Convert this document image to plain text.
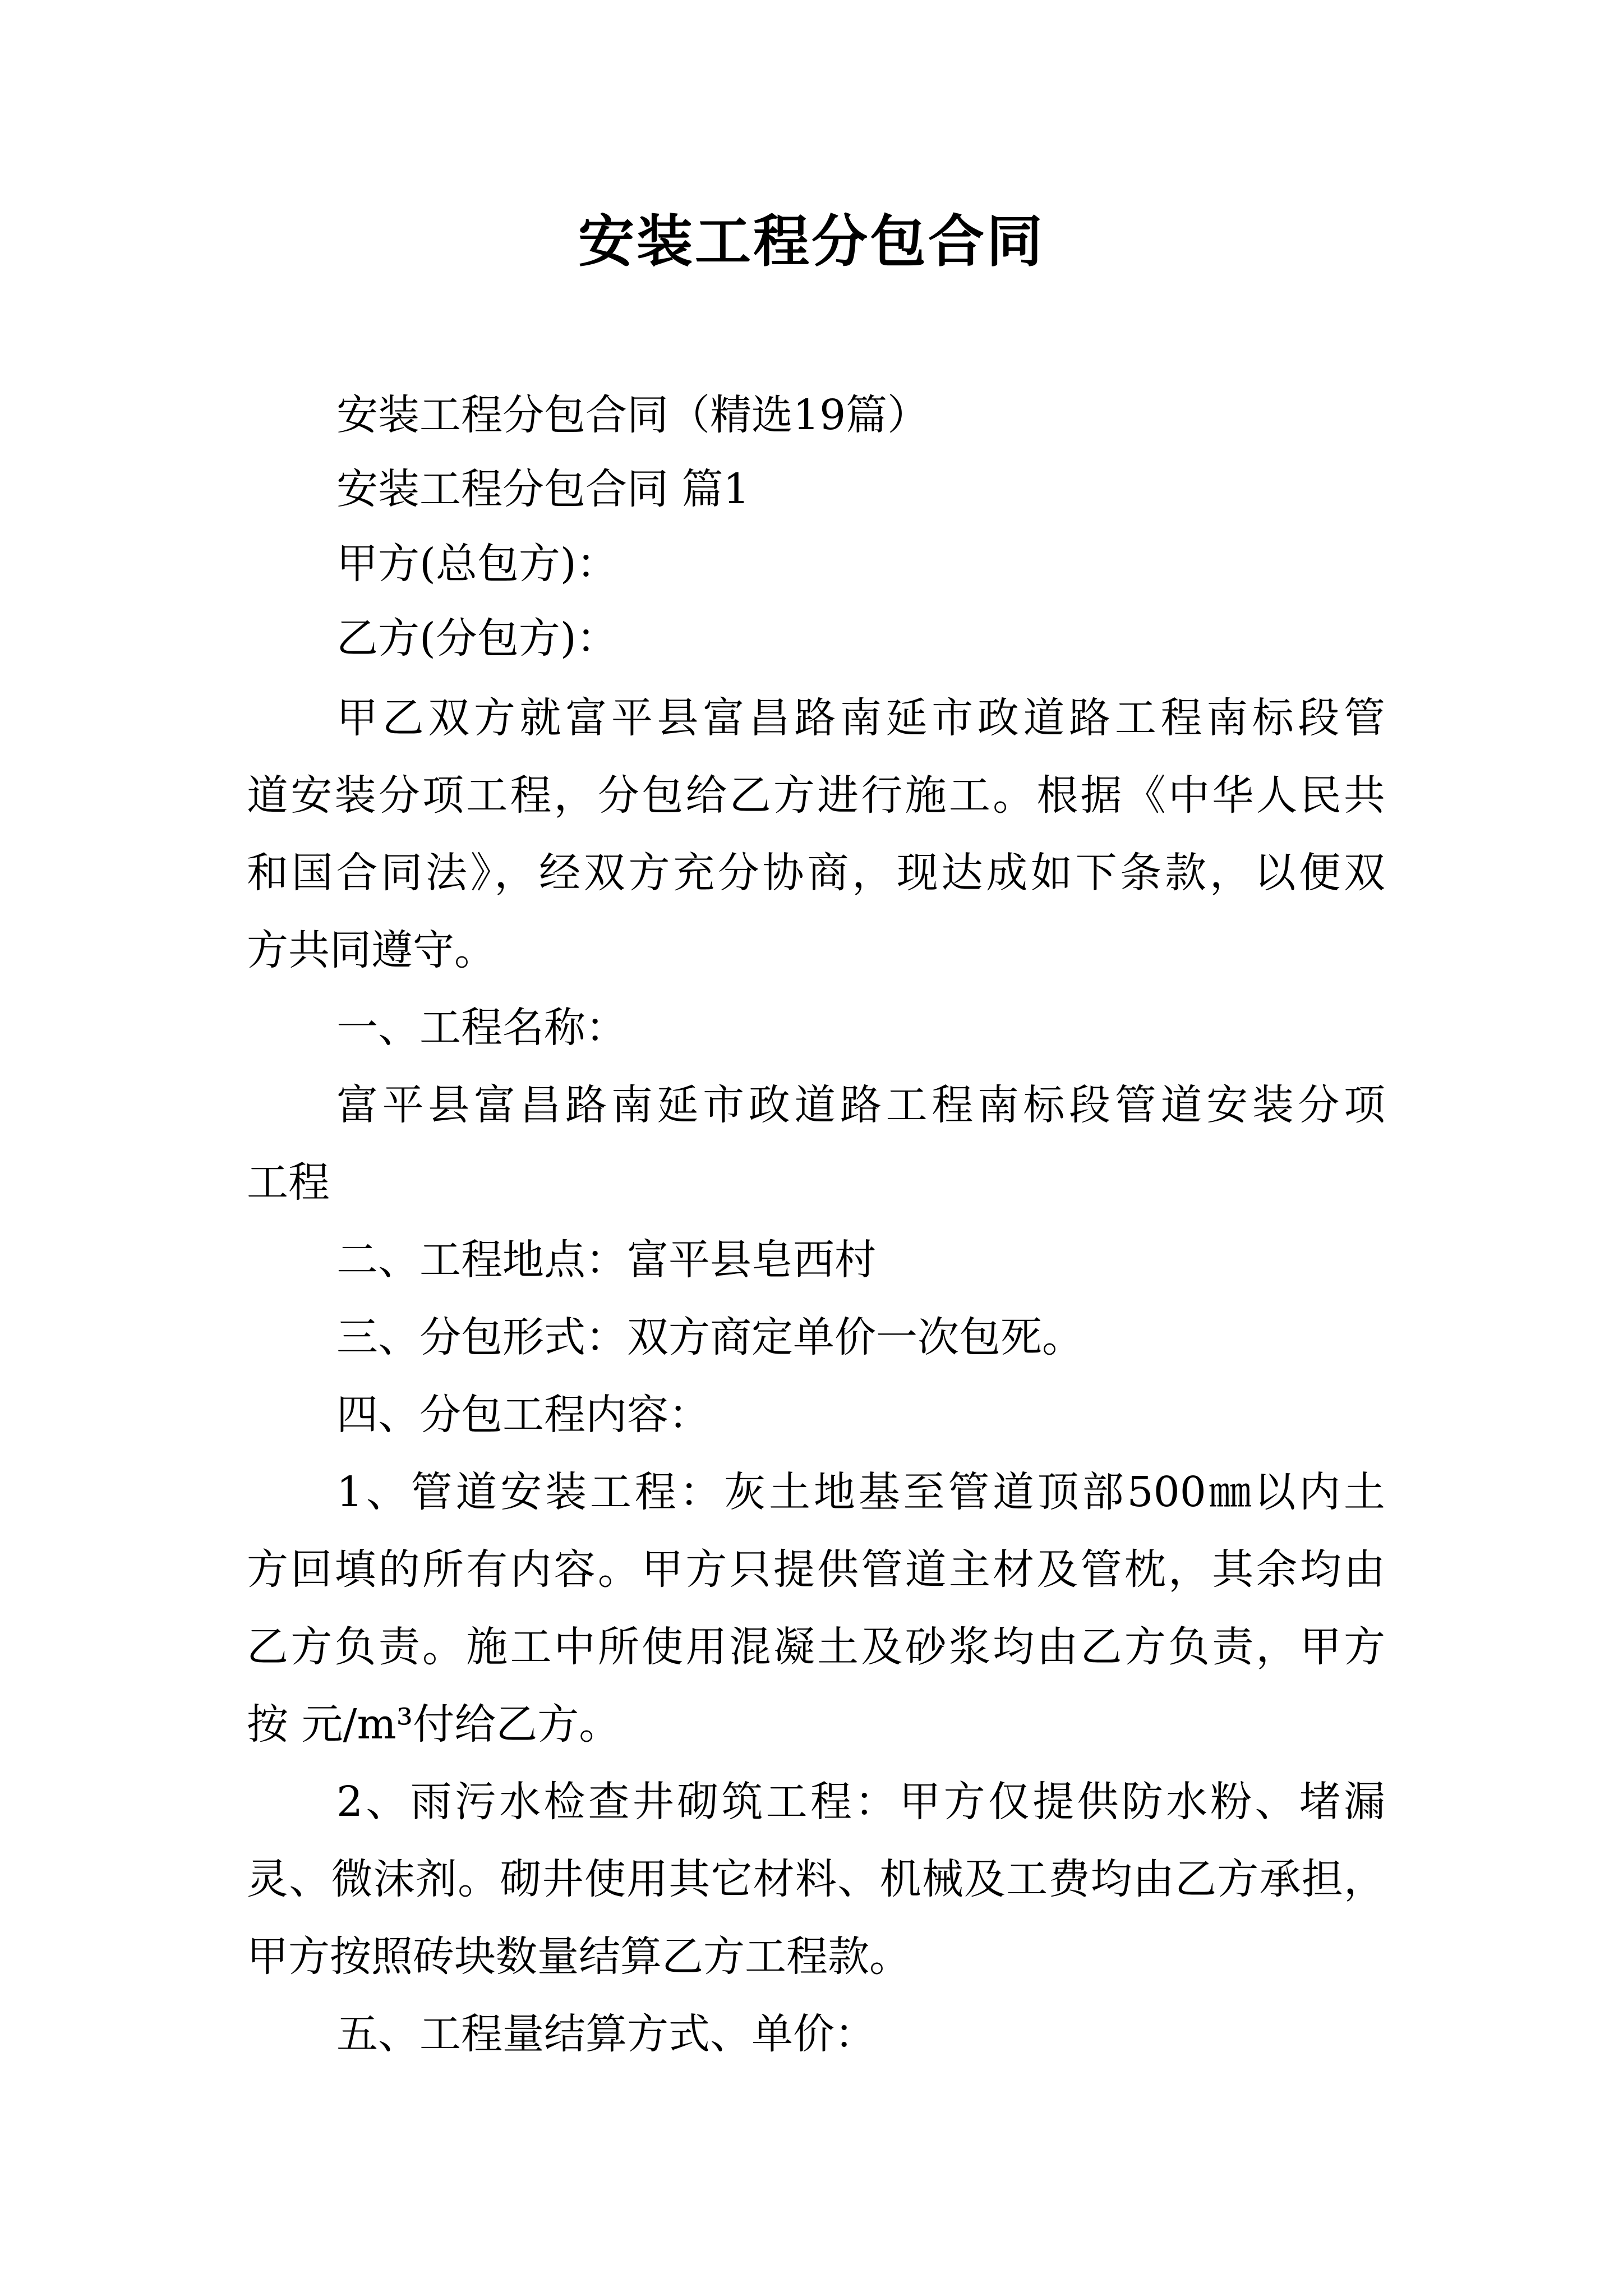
安装工程分包合同
安装工程分包合同（精选19篇）
安装工程分包合同 篇1
甲方(总包方)：
乙方(分包方)：
甲乙双方就富平县富昌路南延市政道路工程南标段管
道安装分项工程，分包给乙方进行施工。根据《中华人民共
和国合同法》，经双方充分协商，现达成如下条款，以便双
方共同遵守。
一、工程名称：
富平县富昌路南延市政道路工程南标段管道安装分项
工程
二、工程地点：富平县皂西村
三、分包形式：双方商定单价一次包死。
四、分包工程内容：
1、管道安装工程：灰土地基至管道顶部500㎜以内土
方回填的所有内容。甲方只提供管道主材及管枕，其余均由
乙方负责。施工中所使用混凝土及砂浆均由乙方负责，甲方
按 元/m³付给乙方。
2、雨污水检查井砌筑工程：甲方仅提供防水粉、堵漏
灵、微沫剂。砌井使用其它材料、机械及工费均由乙方承担，
甲方按照砖块数量结算乙方工程款。
五、工程量结算方式、单价：
